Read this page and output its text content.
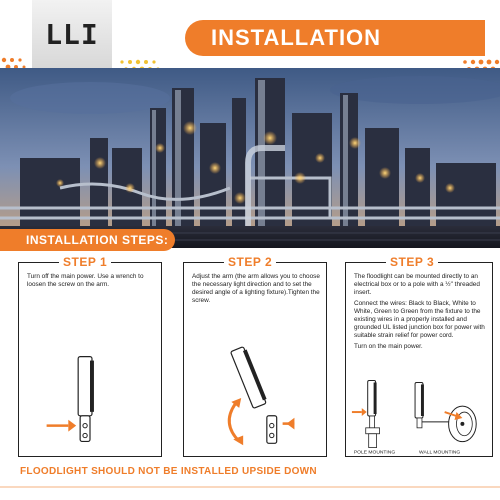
LLI	INSTALLATION
INSTALLATION STEPS:
STEP 1

Turn off the main power. Use a wrench to loosen the screw on the arm.

STEP 2

Adjust the arm (the arm allows you to choose the necessary light direction and to set the desired angle of a lighting fixture).Tighten the screw.

STEP 3

The floodlight can be mounted directly to an electrical box or to a pole with a ½" threaded insert.

Connect the wires: Black to Black, White to White, Green to Green from the fixture to the existing wires in a properly installed and grounded UL listed junction box for power with suitable strain relief for power cord.

Turn on the main power.

POLE MOUNTING	WALL MOUNTING
FLOODLIGHT SHOULD NOT BE INSTALLED UPSIDE DOWN
